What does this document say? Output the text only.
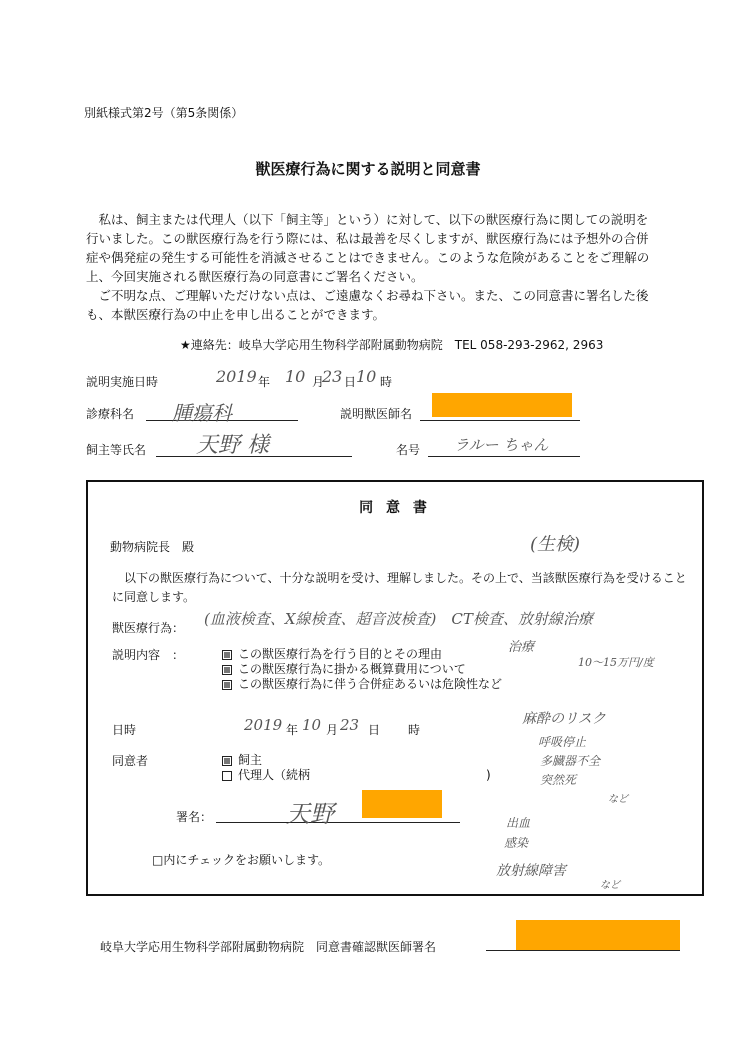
別紙様式第2号（第5条関係）
獣医療行為に関する説明と同意書
私は、飼主または代理人（以下「飼主等」という）に対して、以下の獣医療行為に関しての説明を行いました。この獣医療行為を行う際には、私は最善を尽くしますが、獣医療行為には予想外の合併症や偶発症の発生する可能性を消滅させることはできません。このような危険があることをご理解の上、今回実施される獣医療行為の同意書にご署名ください。
ご不明な点、ご理解いただけない点は、ご遠慮なくお尋ね下さい。また、この同意書に署名した後も、本獣医療行為の中止を申し出ることができます。
★連絡先：岐阜大学応用生物科学部附属動物病院　TEL 058-293-2962, 2963
説明実施日時	2019 年 10 月
23 日 10 時
診療科名 腫瘍科	説明獣医師名
飼主等氏名 天野 様	名号 ラルー ちゃん
同 意 書
動物病院長　殿	(生検)
以下の獣医療行為について、十分な説明を受け、理解しました。その上で、当該獣医療行為を受けることに同意します。
獣医療行為： (血液検査、X線検査、超音波検査)　CT検査、放射線治療
治療
10〜15万円/度
説明内容　：	この獣医療行為を行う目的とその理由
この獣医療行為に掛かる概算費用について
この獣医療行為に伴う合併症あるいは危険性など
日時	2019 年 10 月 23 日 時
同意者	飼主
代理人（続柄	)
署名：	天野
□内にチェックをお願いします。
麻酔のリスク
呼吸停止
多臓器不全
突然死
など
出血
感染
放射線障害
など
岐阜大学応用生物科学部附属動物病院　同意書確認獣医師署名
